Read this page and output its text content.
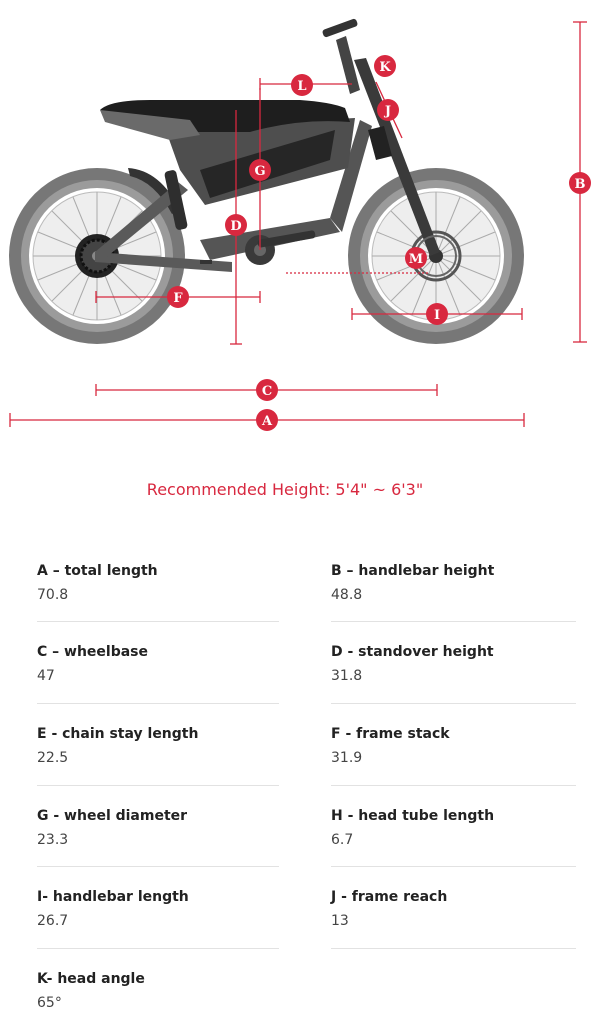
A
C
B
D
F
G
I
J
K
L
M
Recommended Height: 5'4" ~ 6'3"
A – total length
70.8
B – handlebar height
48.8
C – wheelbase
47
D - standover height
31.8
E - chain stay length
22.5
F - frame stack
31.9
G - wheel diameter
23.3
H - head tube length
6.7
I- handlebar length
26.7
J - frame reach
13
K- head angle
65°
